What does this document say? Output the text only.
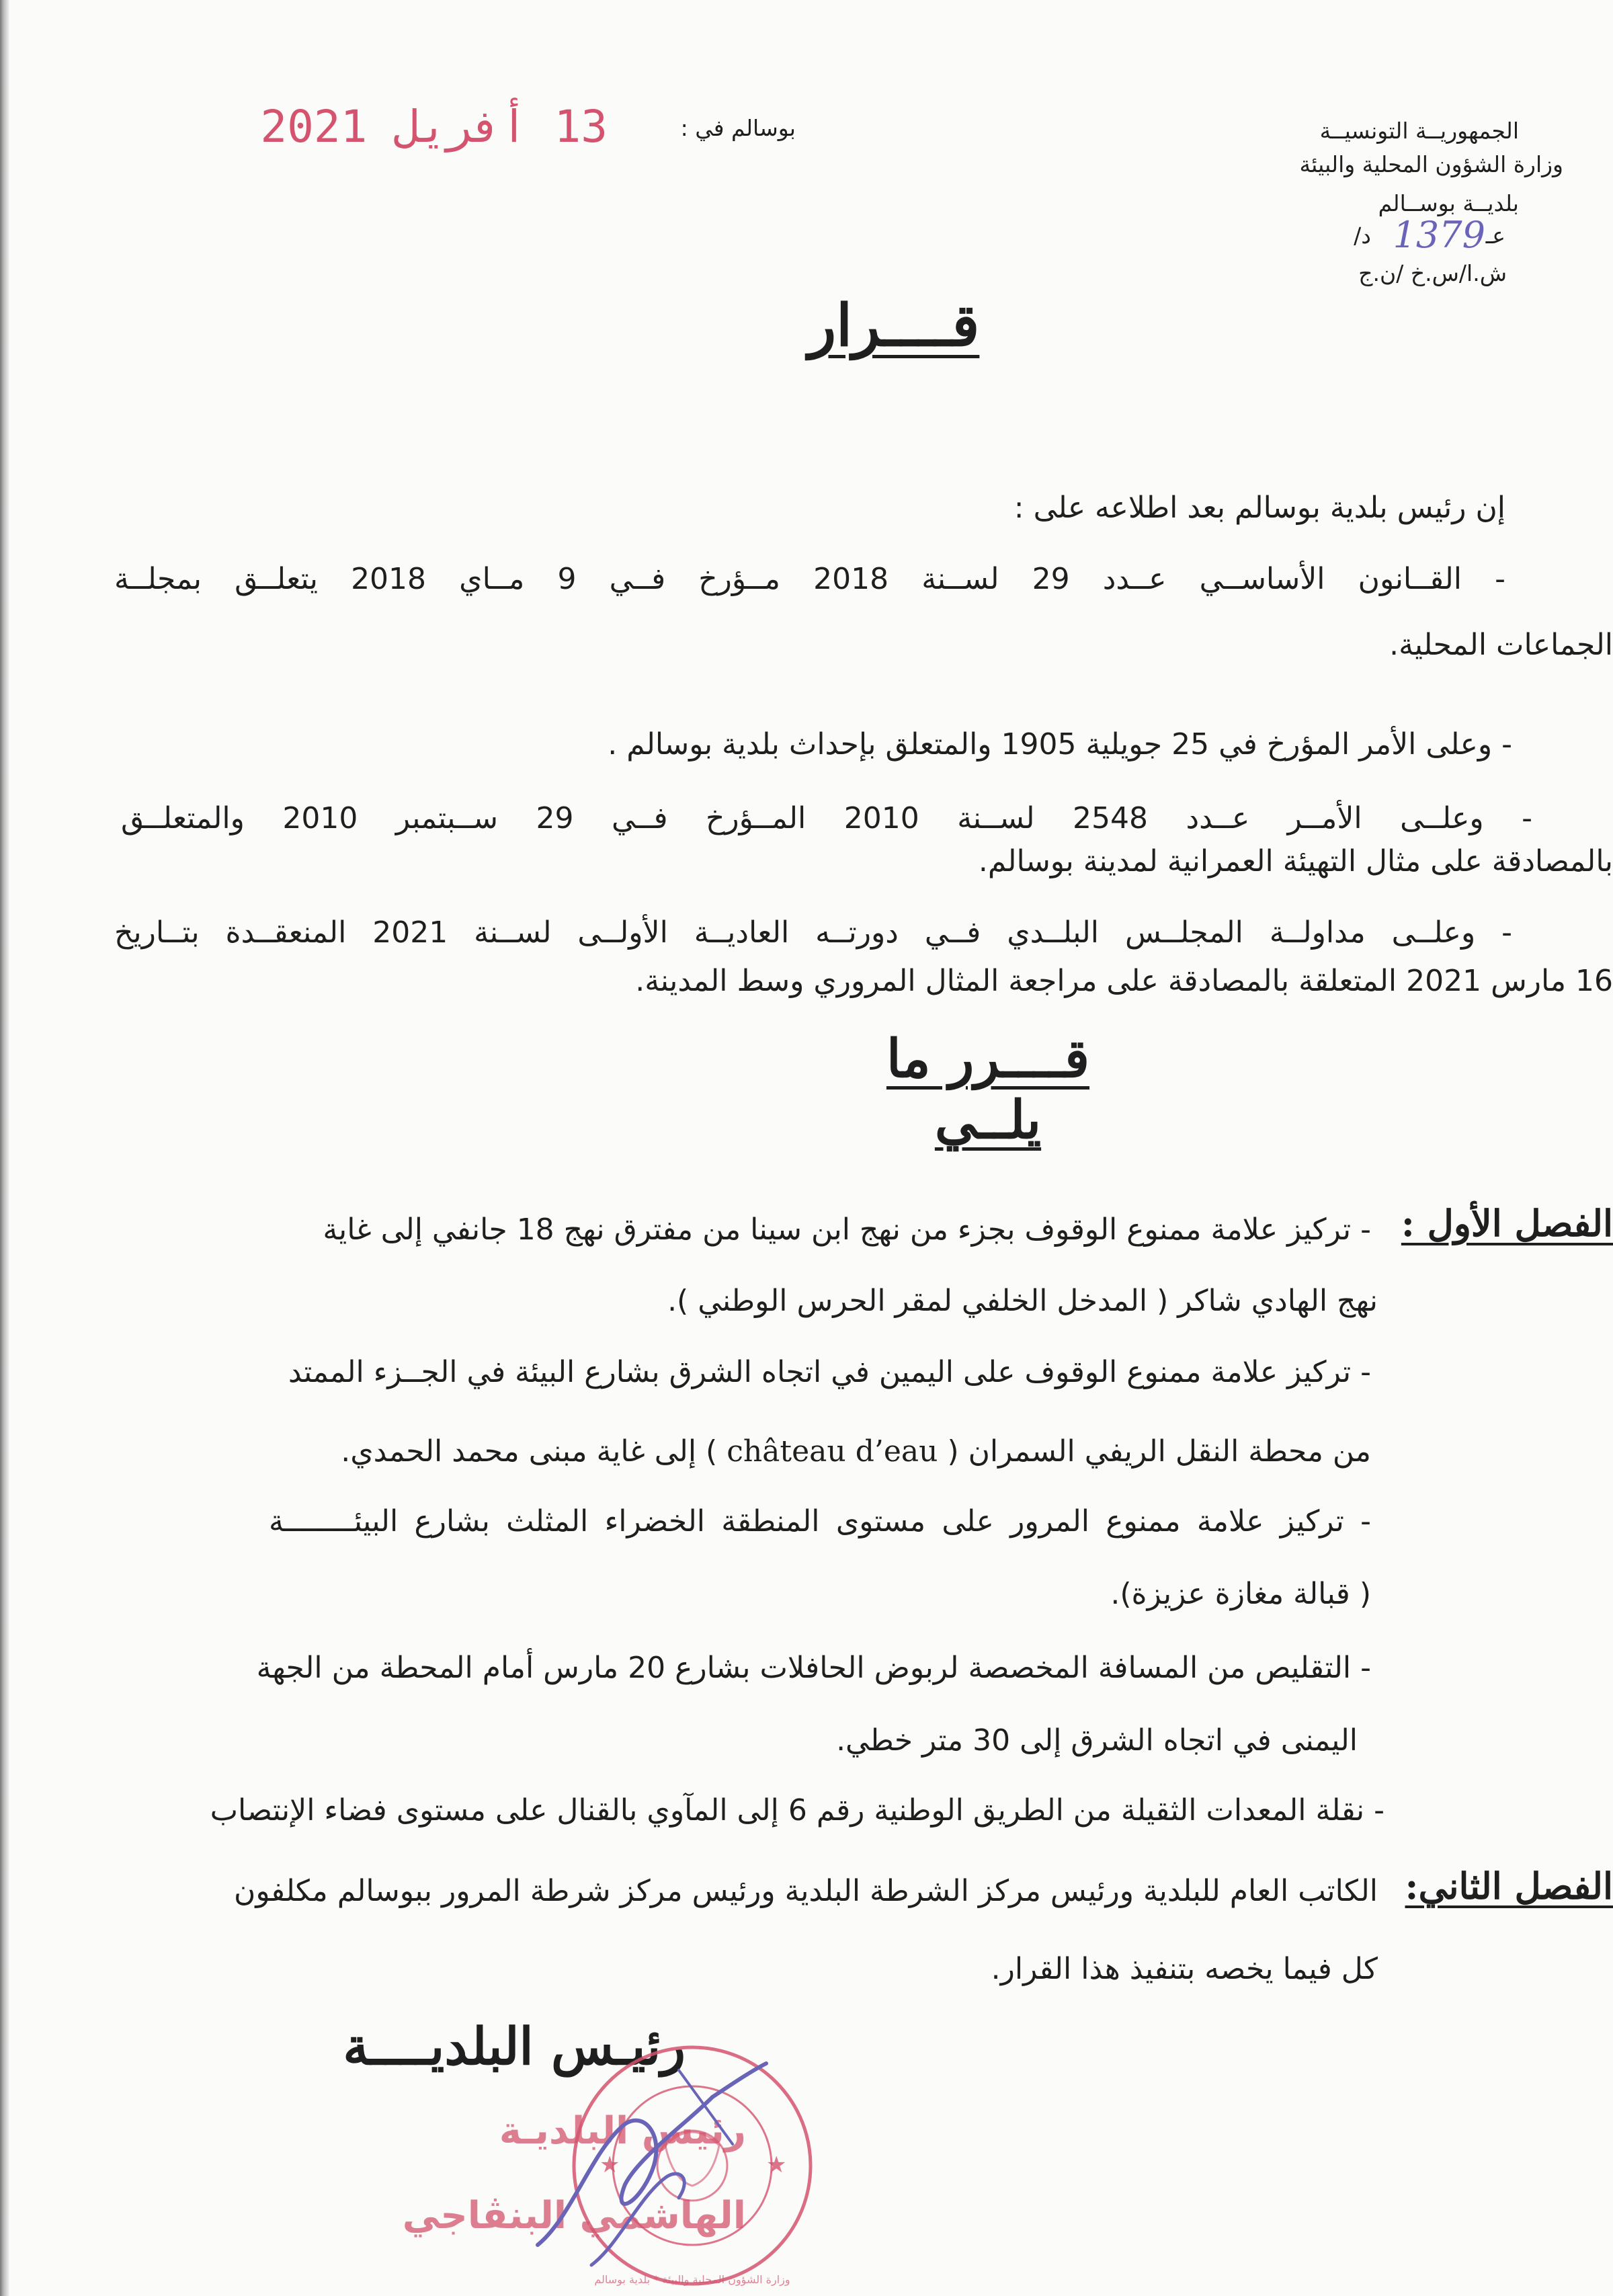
الجمهوريــة التونسيــة
وزارة الشؤون المحلية والبيئة
بلديــة بوســالم
عـ
1379
/د
ش.ا/س.خ /ن.ج
بوسالم في :
13 أفريل 2021
قــــرار
إن رئيس بلدية بوسالم بعد اطلاعه على :
- القــانون الأساســي عــدد 29 لســنة 2018 مــؤرخ فــي 9 مــاي 2018 يتعلــق بمجلــة
الجماعات المحلية.
- وعلى الأمر المؤرخ في 25 جويلية 1905 والمتعلق بإحداث بلدية بوسالم .
- وعلــى الأمــر عــدد 2548 لســنة 2010 المــؤرخ فــي 29 ســبتمبر 2010 والمتعلــق
بالمصادقة على مثال التهيئة العمرانية لمدينة بوسالم.
- وعلــى مداولــة المجلــس البلــدي فــي دورتــه العاديــة الأولــى لســنة 2021 المنعقــدة بتــاريخ
16 مارس 2021 المتعلقة بالمصادقة على مراجعة المثال المروري وسط المدينة.
قــــرر ما يلــي
الفصل الأول :
- تركيز علامة ممنوع الوقوف بجزء من نهج ابن سينا من مفترق نهج 18 جانفي إلى غاية
نهج الهادي شاكر ( المدخل الخلفي لمقر الحرس الوطني ).
- تركيز علامة ممنوع الوقوف على اليمين في اتجاه الشرق بشارع البيئة في الجــزء الممتد
من محطة النقل الريفي السمران ( château d’eau ) إلى غاية مبنى محمد الحمدي.
- تركيز علامة ممنوع المرور على مستوى المنطقة الخضراء المثلث بشارع البيئــــــــة
( قبالة مغازة عزيزة).
- التقليص من المسافة المخصصة لربوض الحافلات بشارع 20 مارس أمام المحطة من الجهة
اليمنى في اتجاه الشرق إلى 30 متر خطي.
- نقلة المعدات الثقيلة من الطريق الوطنية رقم 6 إلى المآوي بالقنال على مستوى فضاء الإنتصاب
الفصل الثاني:
الكاتب العام للبلدية ورئيس مركز الشرطة البلدية ورئيس مركز شرطة المرور ببوسالم مكلفون
كل فيما يخصه بتنفيذ هذا القرار.
رئيـس البلديــــة
رئيس البلديـة
الهاشمي البنڤاجي
★	★
وزارة الشؤون المحلية والبيئة * بلدية بوسالم
